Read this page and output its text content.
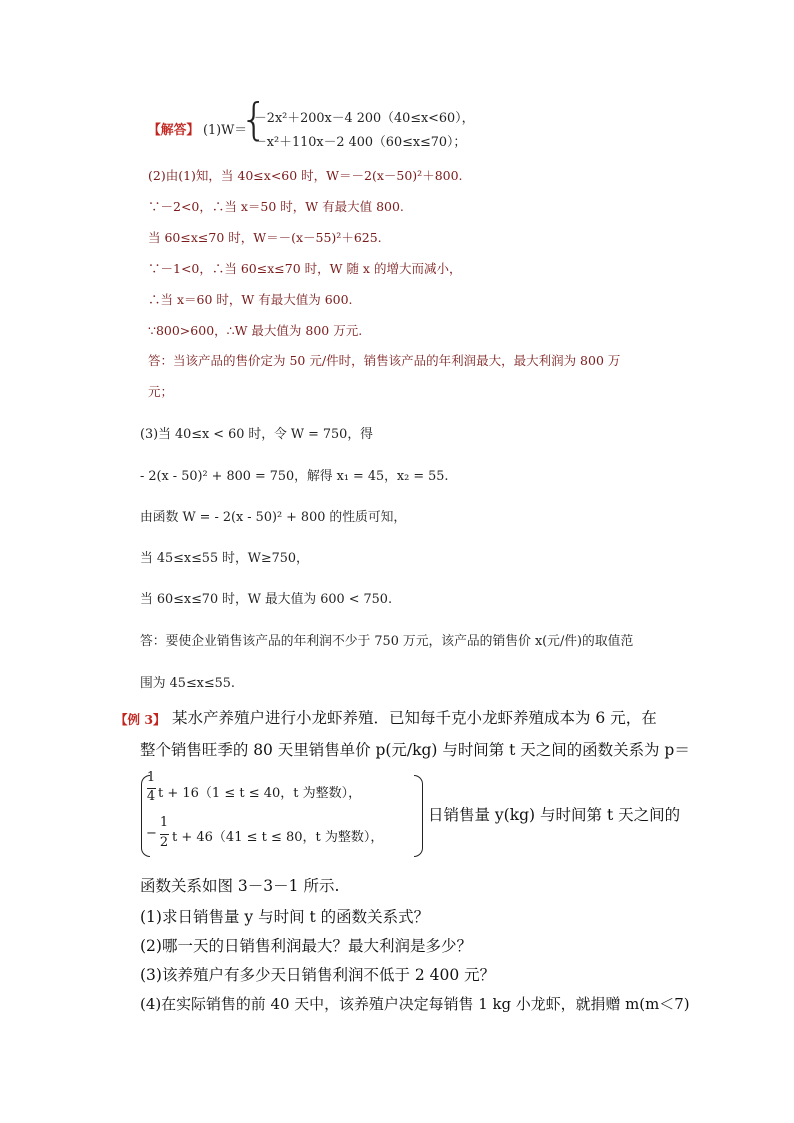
【解答】 (1)W＝
{
－2x²＋200x－4 200（40≤x<60），
－x²＋110x－2 400（60≤x≤70）；
(2)由(1)知，当 40≤x<60 时，W＝－2(x－50)²＋800.
∵－2<0，∴当 x＝50 时，W 有最大值 800.
当 60≤x≤70 时，W＝－(x－55)²＋625.
∵－1<0，∴当 60≤x≤70 时，W 随 x 的增大而减小，
∴当 x＝60 时，W 有最大值为 600.
∵800>600，∴W 最大值为 800 万元.
答：当该产品的售价定为 50 元/件时，销售该产品的年利润最大，最大利润为 800 万
元；
(3)当 40≤x < 60 时，令 W = 750，得
- 2(x - 50)² + 800 = 750，解得 x₁ = 45，x₂ = 55.
由函数 W = - 2(x - 50)² + 800 的性质可知，
当 45≤x≤55 时，W≥750，
当 60≤x≤70 时，W 最大值为 600 < 750.
答：要使企业销售该产品的年利润不少于 750 万元，该产品的销售价 x(元/件)的取值范
围为 45≤x≤55.
【例 3】 某水产养殖户进行小龙虾养殖．已知每千克小龙虾养殖成本为 6 元，在
整个销售旺季的 80 天里销售单价 p(元/kg) 与时间第 t 天之间的函数关系为 p＝
1
4 t + 16（1 ≤ t ≤ 40，t 为整数），
−
1
2 t + 46（41 ≤ t ≤ 80，t 为整数），
日销售量 y(kg) 与时间第 t 天之间的
函数关系如图 3－3－1 所示.
(1)求日销售量 y 与时间 t 的函数关系式？
(2)哪一天的日销售利润最大？最大利润是多少？
(3)该养殖户有多少天日销售利润不低于 2 400 元？
(4)在实际销售的前 40 天中，该养殖户决定每销售 1 kg 小龙虾，就捐赠 m(m＜7)
